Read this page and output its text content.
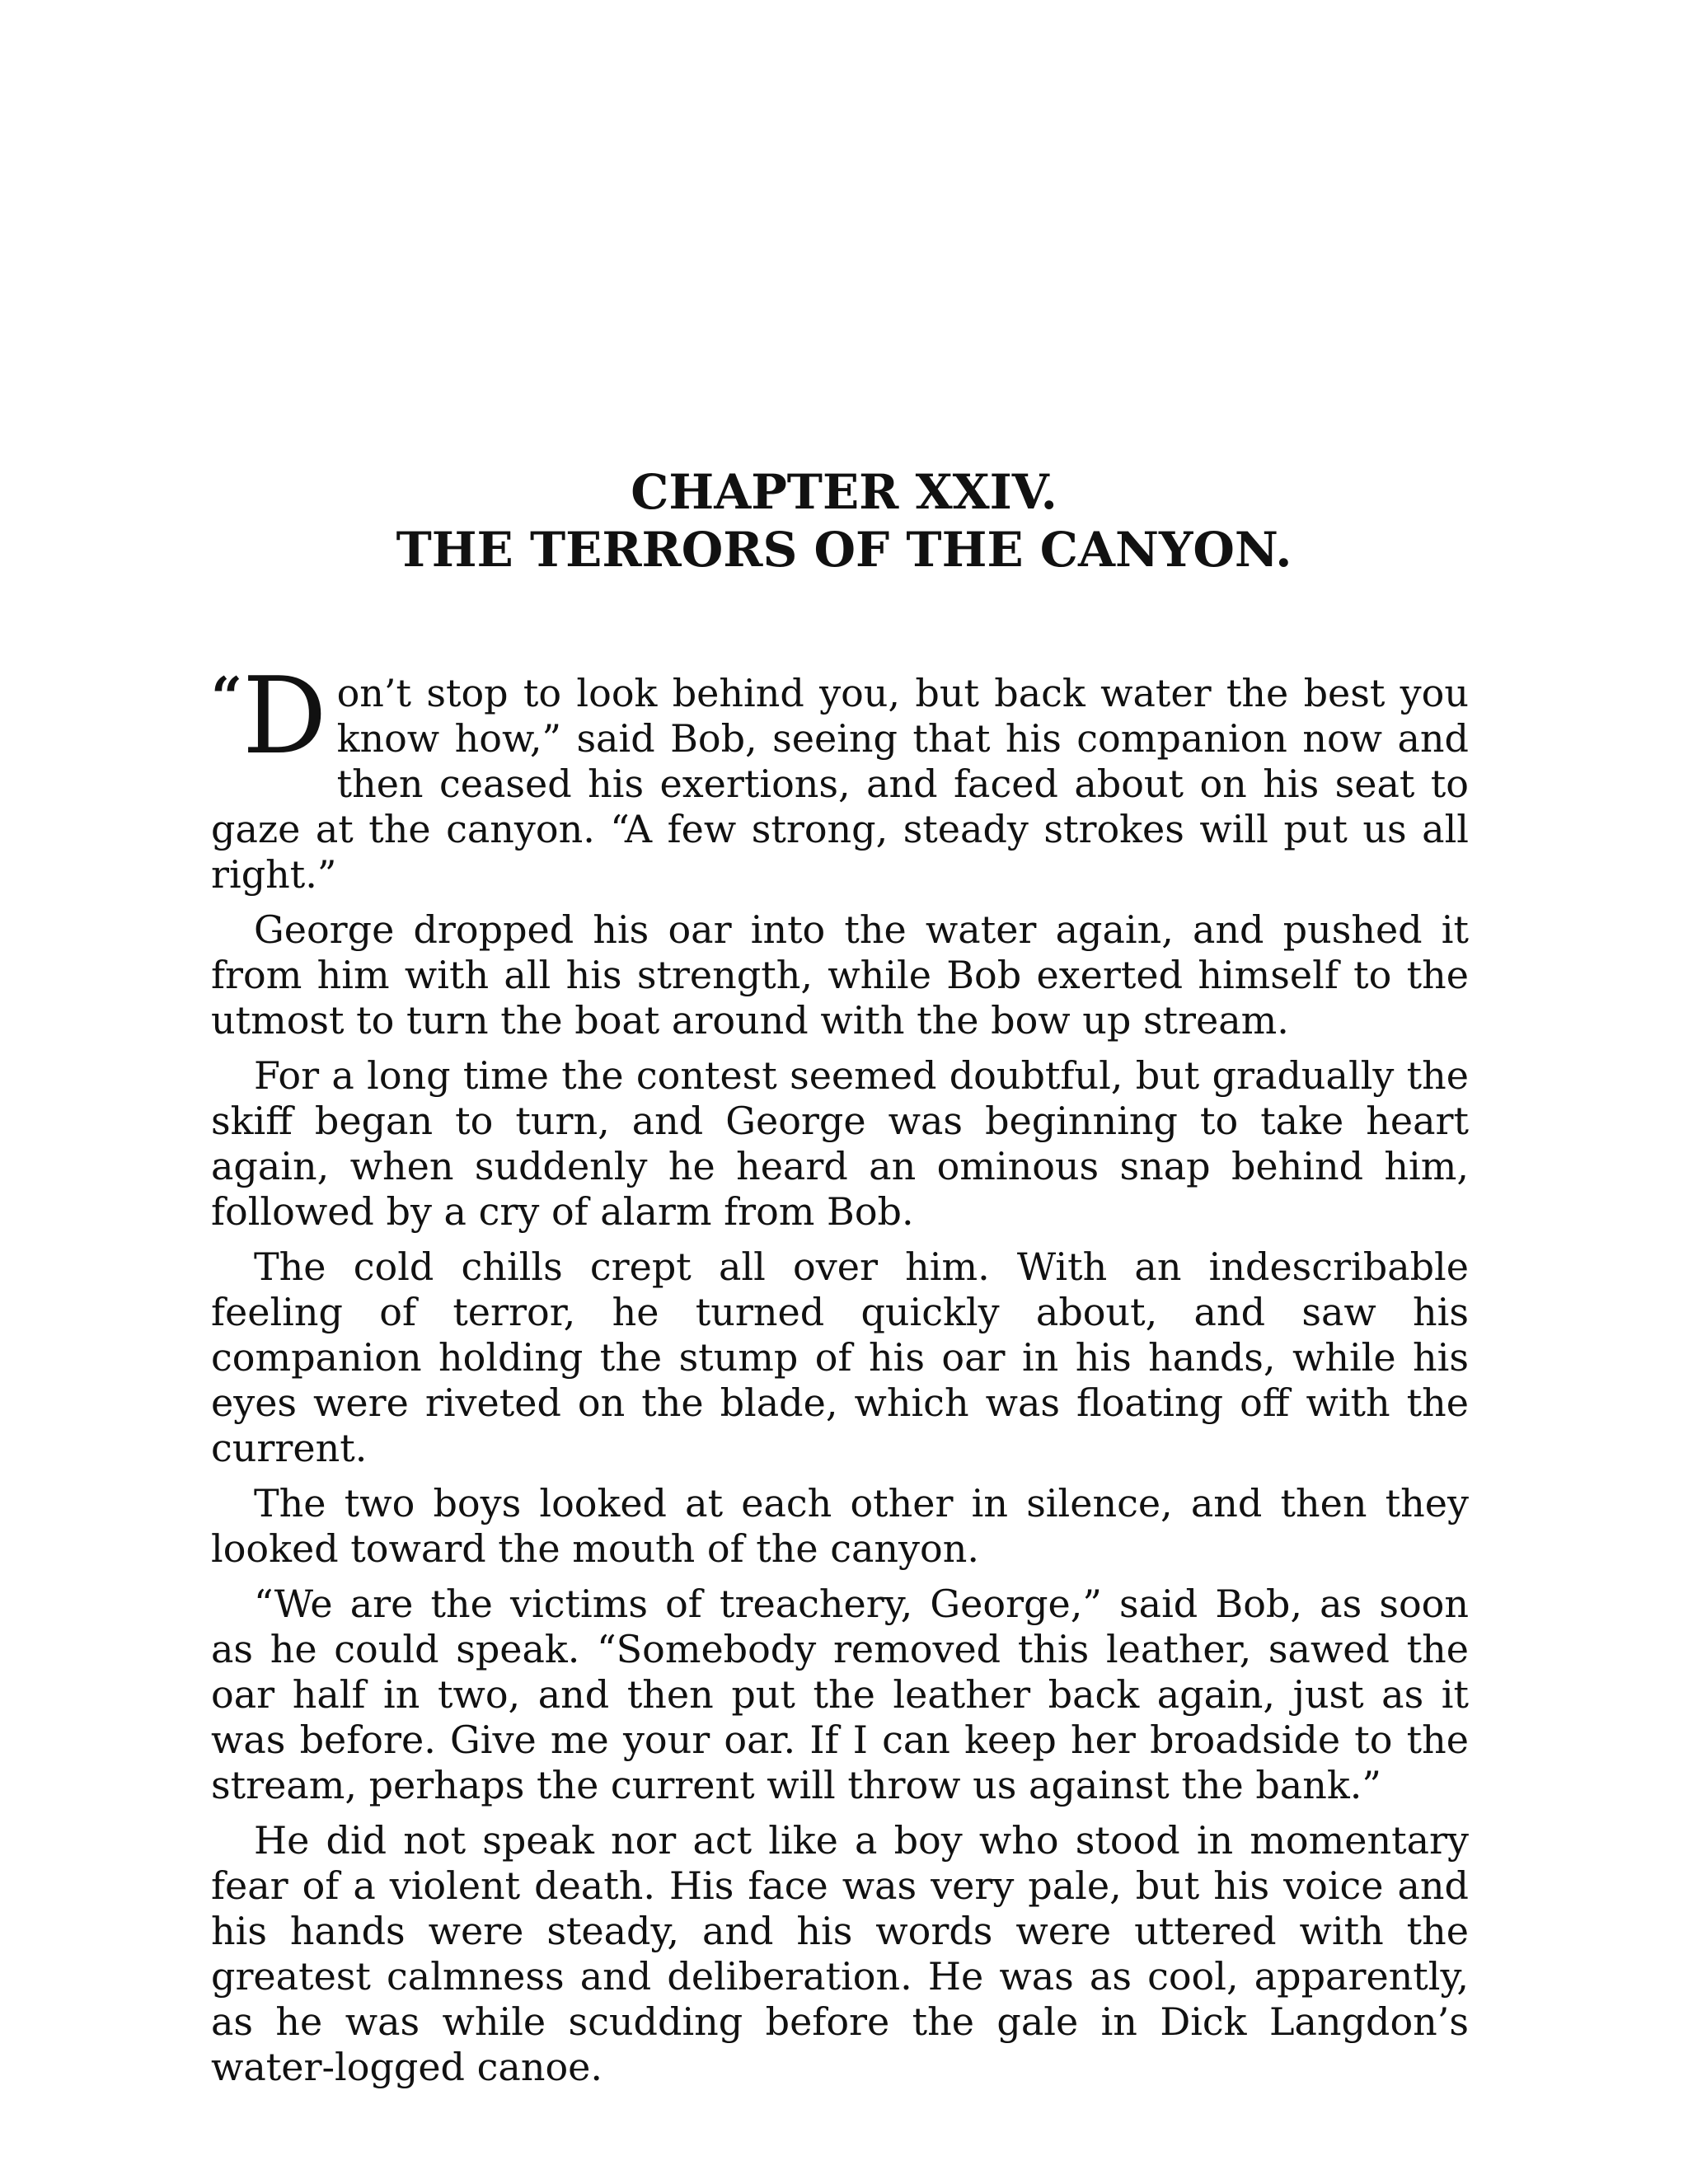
CHAPTER XXIV.
THE TERRORS OF THE CANYON.

“ D on’t stop to look behind you, but back water the best you know how,” said Bob, seeing that his companion now and then ceased his exertions, and faced about on his seat to gaze at the canyon. “A few strong, steady strokes will put us all right.”

George dropped his oar into the water again, and pushed it from him with all his strength, while Bob exerted himself to the utmost to turn the boat around with the bow up stream.

For a long time the contest seemed doubtful, but gradually the skiff began to turn, and George was beginning to take heart again, when suddenly he heard an ominous snap behind him, followed by a cry of alarm from Bob.

The cold chills crept all over him. With an indescribable feeling of terror, he turned quickly about, and saw his companion holding the stump of his oar in his hands, while his eyes were riveted on the blade, which was floating off with the current.

The two boys looked at each other in silence, and then they looked toward the mouth of the canyon.

“We are the victims of treachery, George,” said Bob, as soon as he could speak. “Somebody removed this leather, sawed the oar half in two, and then put the leather back again, just as it was before. Give me your oar. If I can keep her broadside to the stream, perhaps the current will throw us against the bank.”

He did not speak nor act like a boy who stood in momentary fear of a violent death. His face was very pale, but his voice and his hands were steady, and his words were uttered with the greatest calmness and deliberation. He was as cool, apparently, as he was while scudding before the gale in Dick Langdon’s water-logged canoe.
